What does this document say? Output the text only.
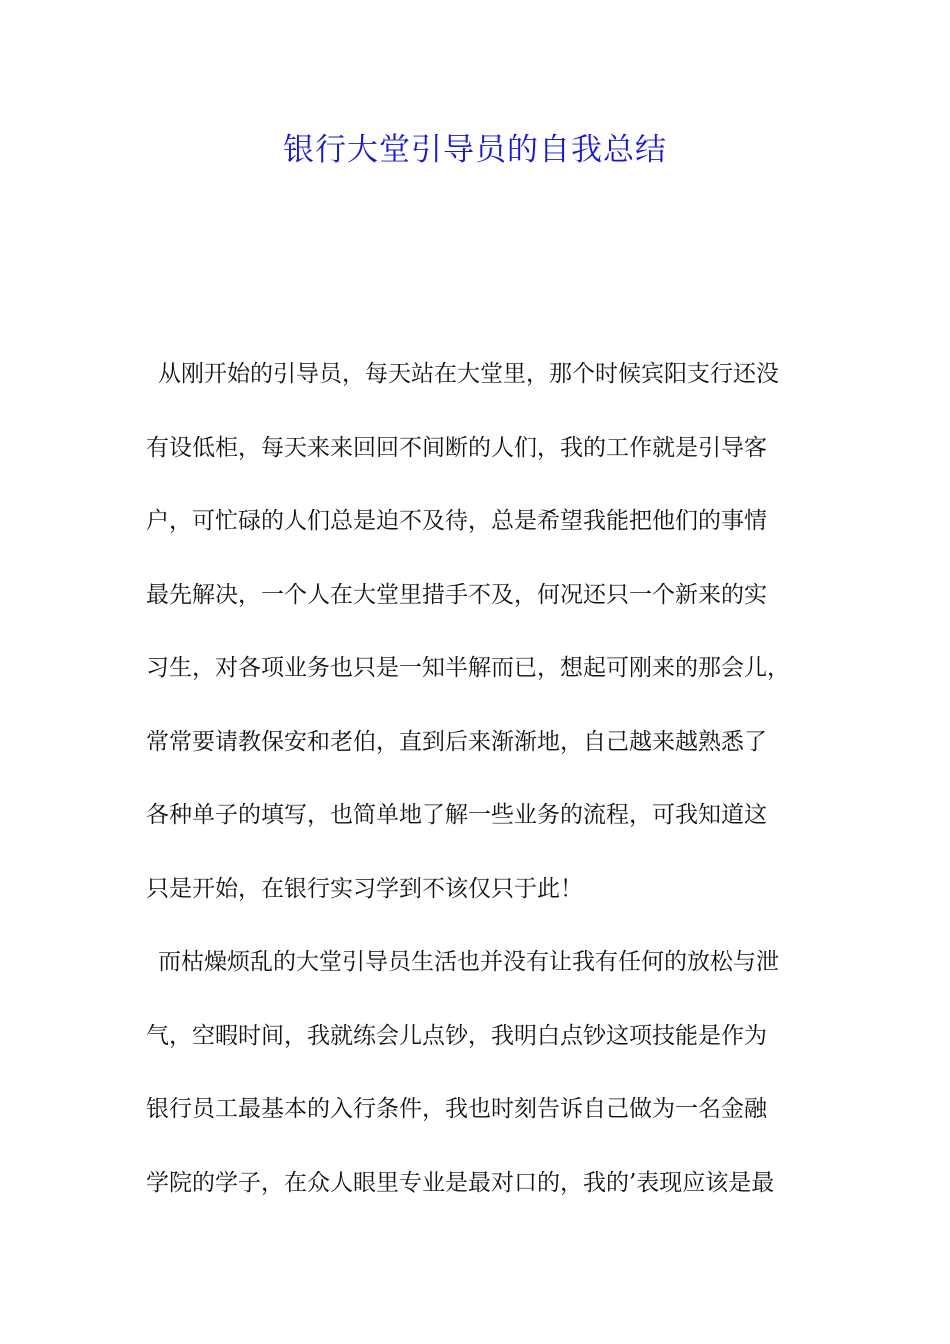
银行大堂引导员的自我总结
从刚开始的引导员，每天站在大堂里，那个时候宾阳支行还没
有设低柜，每天来来回回不间断的人们，我的工作就是引导客
户，可忙碌的人们总是迫不及待，总是希望我能把他们的事情
最先解决，一个人在大堂里措手不及，何况还只一个新来的实
习生，对各项业务也只是一知半解而已，想起可刚来的那会儿，
常常要请教保安和老伯，直到后来渐渐地，自己越来越熟悉了
各种单子的填写，也简单地了解一些业务的流程，可我知道这
只是开始，在银行实习学到不该仅只于此！
而枯燥烦乱的大堂引导员生活也并没有让我有任何的放松与泄
气，空暇时间，我就练会儿点钞，我明白点钞这项技能是作为
银行员工最基本的入行条件，我也时刻告诉自己做为一名金融
学院的学子，在众人眼里专业是最对口的，我的’表现应该是最
